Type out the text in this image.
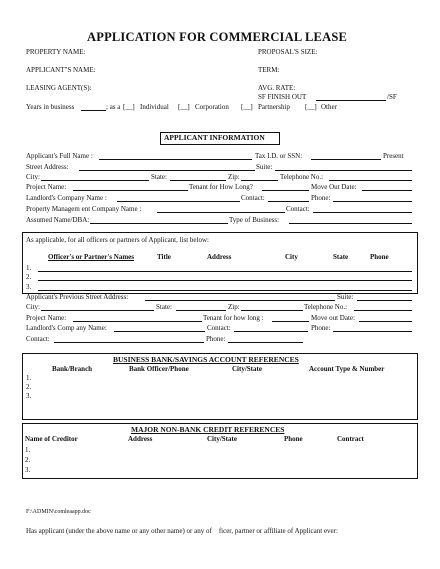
APPLICATION FOR COMMERCIAL LEASE
PROPERTY NAME:	PROPOSAL'S SIZE:
APPLICANT"S NAME:	TERM:
LEASING AGENT(S):	AVG. RATE:
SF FINISH OUT	/SF
Years in business	; as a [__] Individual [__] Corporation [__] Partnership [__] Other
APPLICANT INFORMATION
Applicant's Full Name :	Tax I.D. or SSN:	Present
Street Address:	Suite:
City:	State:	Zip:	Telephone No.:
Project Name:	Tenant for How Long?	Move Out Date:
Landlord's Company Name :	Contact:	Phone:
Property Managem ent Company Name :	Contact:
Assumed Name/DBA:	Type of Business:
As applicable, for all officers or partners of Applicant, list below:
Officer's or Partner's Names	Title	Address	City	State	Phone
1.
2.
3.
Applicant's Previous Street Address:	Suite:
City:	State:	Zip:	Telephone No.:
Project Name:	Tenant for how long :	Move out Date:
Landlord's Comp any Name:	Contact:	Phone:
Contact:	Phone:
BUSINESS BANK/SAVINGS ACCOUNT REFERENCES
Bank/Branch	Bank Officer/Phone	City/State	Account Type & Number
1.
2.
3.
MAJOR NON-BANK CREDIT REFERENCES
Name of Creditor	Address	City/State	Phone	Contract
1.
2.
3.
F:\ADMIN\comleaapp.doc
Has applicant (under the above name or any other name) or any of    ficer, partner or affiliate of Applicant ever:
